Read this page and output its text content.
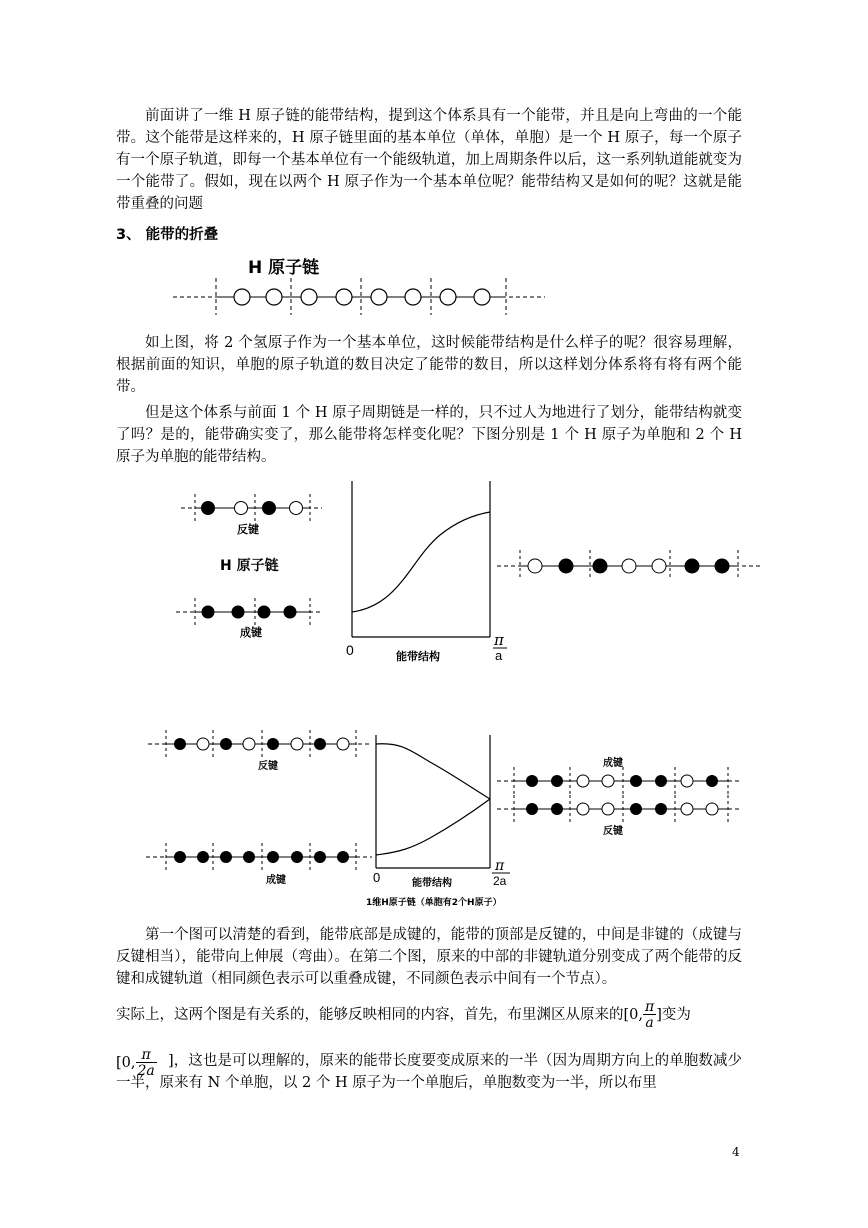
前面讲了一维 H 原子链的能带结构，提到这个体系具有一个能带，并且是向上弯曲的一个能带。这个能带是这样来的，H 原子链里面的基本单位（单体，单胞）是一个 H 原子，每一个原子有一个原子轨道，即每一个基本单位有一个能级轨道，加上周期条件以后，这一系列轨道能就变为一个能带了。假如，现在以两个 H 原子作为一个基本单位呢？能带结构又是如何的呢？这就是能带重叠的问题

3、 能带的折叠
H 原子链

如上图，将 2 个氢原子作为一个基本单位，这时候能带结构是什么样子的呢？很容易理解，根据前面的知识，单胞的原子轨道的数目决定了能带的数目，所以这样划分体系将有将有两个能带。

但是这个体系与前面 1 个 H 原子周期链是一样的，只不过人为地进行了划分，能带结构就变了吗？是的，能带确实变了，那么能带将怎样变化呢？下图分别是 1 个 H 原子为单胞和 2 个 H 原子为单胞的能带结构。

反键
H 原子链
成键
0	能带结构
π
a
反键
成键	0	能带结构
π
2a
1维H原子链（单胞有2个H原子）
成键
反键

第一个图可以清楚的看到，能带底部是成键的，能带的顶部是反键的，中间是非键的（成键与反键相当），能带向上伸展（弯曲）。在第二个图，原来的中部的非键轨道分别变成了两个能带的反键和成键轨道（相同颜色表示可以重叠成键，不同颜色表示中间有一个节点）。

实际上，这两个图是有关系的，能够反映相同的内容，首先，布里渊区从原来的[0, $\frac{\pi}{a}$ ]变为
[0, $\frac{\pi}{2a}$ ]，这也是可以理解的，原来的能带长度要变成原来的一半（因为周期方向上的单胞数减少一半，原来有 N 个单胞，以 2 个 H 原子为一个单胞后，单胞数变为一半，所以布里

4
